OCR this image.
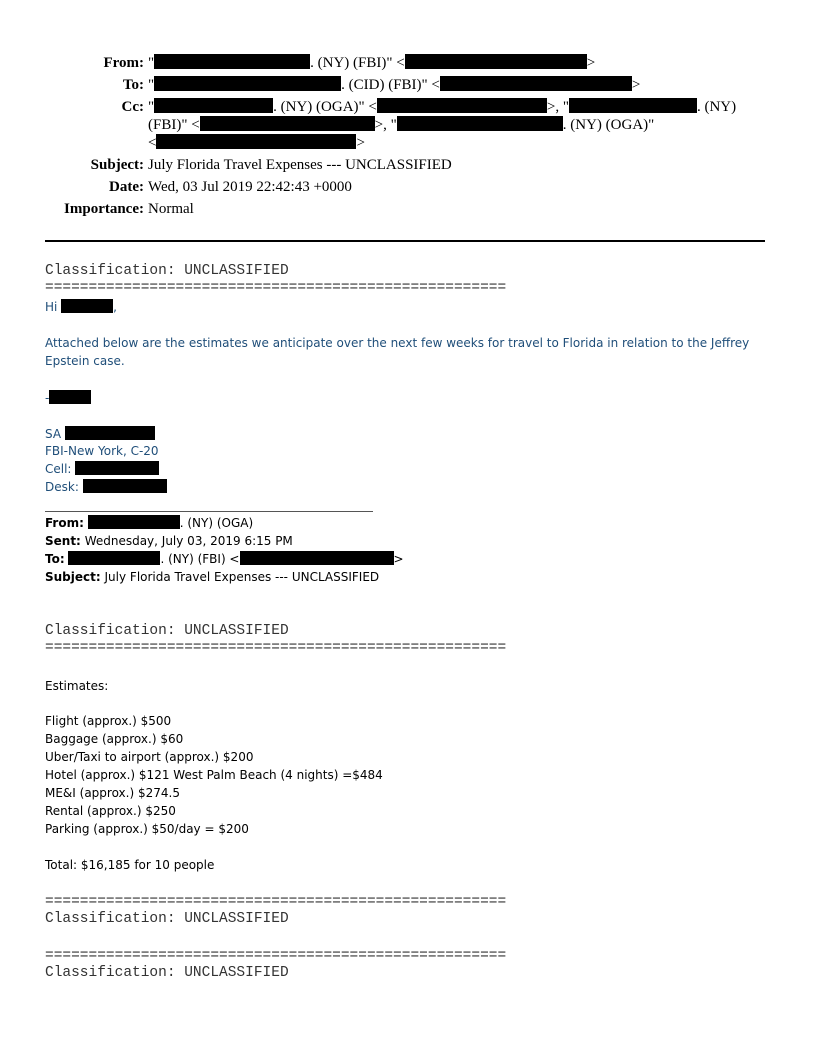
From: "	. (NY) (FBI)" <	>
To: "	. (CID) (FBI)" <	>
Cc: "	. (NY) (OGA)" <	>, "	. (NY)
(FBI)" <	>, "	. (NY) (OGA)"
<	>
Subject: July Florida Travel Expenses --- UNCLASSIFIED
Date: Wed, 03 Jul 2019 22:42:43 +0000
Importance: Normal
Classification: UNCLASSIFIED
=====================================================
Hi	,
Attached below are the estimates we anticipate over the next few weeks for travel to Florida in relation to the Jeffrey
Epstein case.
-
SA
FBI-New York, C-20
Cell:
Desk:
From:	. (NY) (OGA)
Sent: Wednesday, July 03, 2019 6:15 PM
To:	. (NY) (FBI) <	>
Subject: July Florida Travel Expenses --- UNCLASSIFIED
Classification: UNCLASSIFIED
=====================================================
Estimates:
Flight (approx.) $500
Baggage (approx.) $60
Uber/Taxi to airport (approx.) $200
Hotel (approx.) $121 West Palm Beach (4 nights) =$484
ME&I (approx.) $274.5
Rental (approx.) $250
Parking (approx.) $50/day = $200
Total: $16,185 for 10 people
=====================================================
Classification: UNCLASSIFIED
=====================================================
Classification: UNCLASSIFIED
